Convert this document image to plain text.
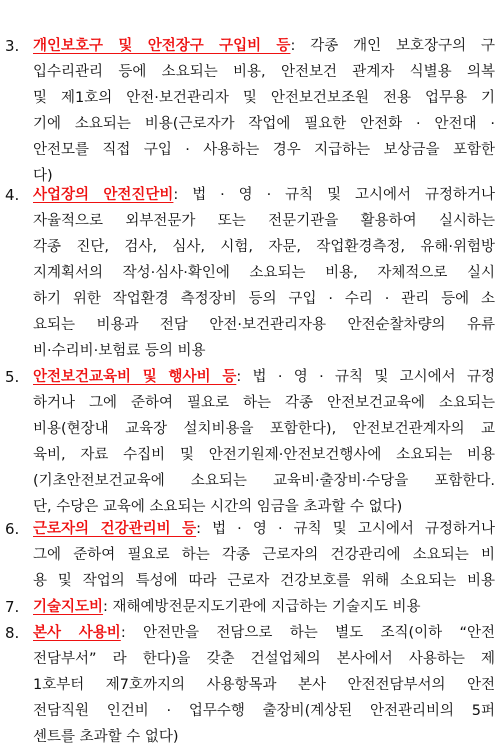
3. 개인보호구 및 안전장구 구입비 등: 각종 개인 보호장구의 구
입수리관리 등에 소요되는 비용, 안전보건 관계자 식별용 의복
및 제1호의 안전·보건관리자 및 안전보건보조원 전용 업무용 기
기에 소요되는 비용(근로자가 작업에 필요한 안전화 · 안전대 ·
안전모를 직접 구입 · 사용하는 경우 지급하는 보상금을 포함한
다)
4. 사업장의 안전진단비: 법 · 영 · 규칙 및 고시에서 규정하거나
자율적으로 외부전문가 또는 전문기관을 활용하여 실시하는
각종 진단, 검사, 심사, 시험, 자문, 작업환경측정, 유해·위험방
지계획서의 작성·심사·확인에 소요되는 비용, 자체적으로 실시
하기 위한 작업환경 측정장비 등의 구입 · 수리 · 관리 등에 소
요되는 비용과 전담 안전·보건관리자용 안전순찰차량의 유류
비·수리비·보험료 등의 비용
5. 안전보건교육비 및 행사비 등: 법 · 영 · 규칙 및 고시에서 규정
하거나 그에 준하여 필요로 하는 각종 안전보건교육에 소요되는
비용(현장내 교육장 설치비용을 포함한다), 안전보건관계자의 교
육비, 자료 수집비 및 안전기원제·안전보건행사에 소요되는 비용
(기초안전보건교육에 소요되는 교육비·출장비·수당을 포함한다.
단, 수당은 교육에 소요되는 시간의 임금을 초과할 수 없다)
6. 근로자의 건강관리비 등: 법 · 영 · 규칙 및 고시에서 규정하거나
그에 준하여 필요로 하는 각종 근로자의 건강관리에 소요되는 비
용 및 작업의 특성에 따라 근로자 건강보호를 위해 소요되는 비용
7. 기술지도비: 재해예방전문지도기관에 지급하는 기술지도 비용
8. 본사 사용비: 안전만을 전담으로 하는 별도 조직(이하 “안전
전담부서” 라 한다)을 갖춘 건설업체의 본사에서 사용하는 제
1호부터 제7호까지의 사용항목과 본사 안전전담부서의 안전
전담직원 인건비 · 업무수행 출장비(계상된 안전관리비의 5퍼
센트를 초과할 수 없다)
